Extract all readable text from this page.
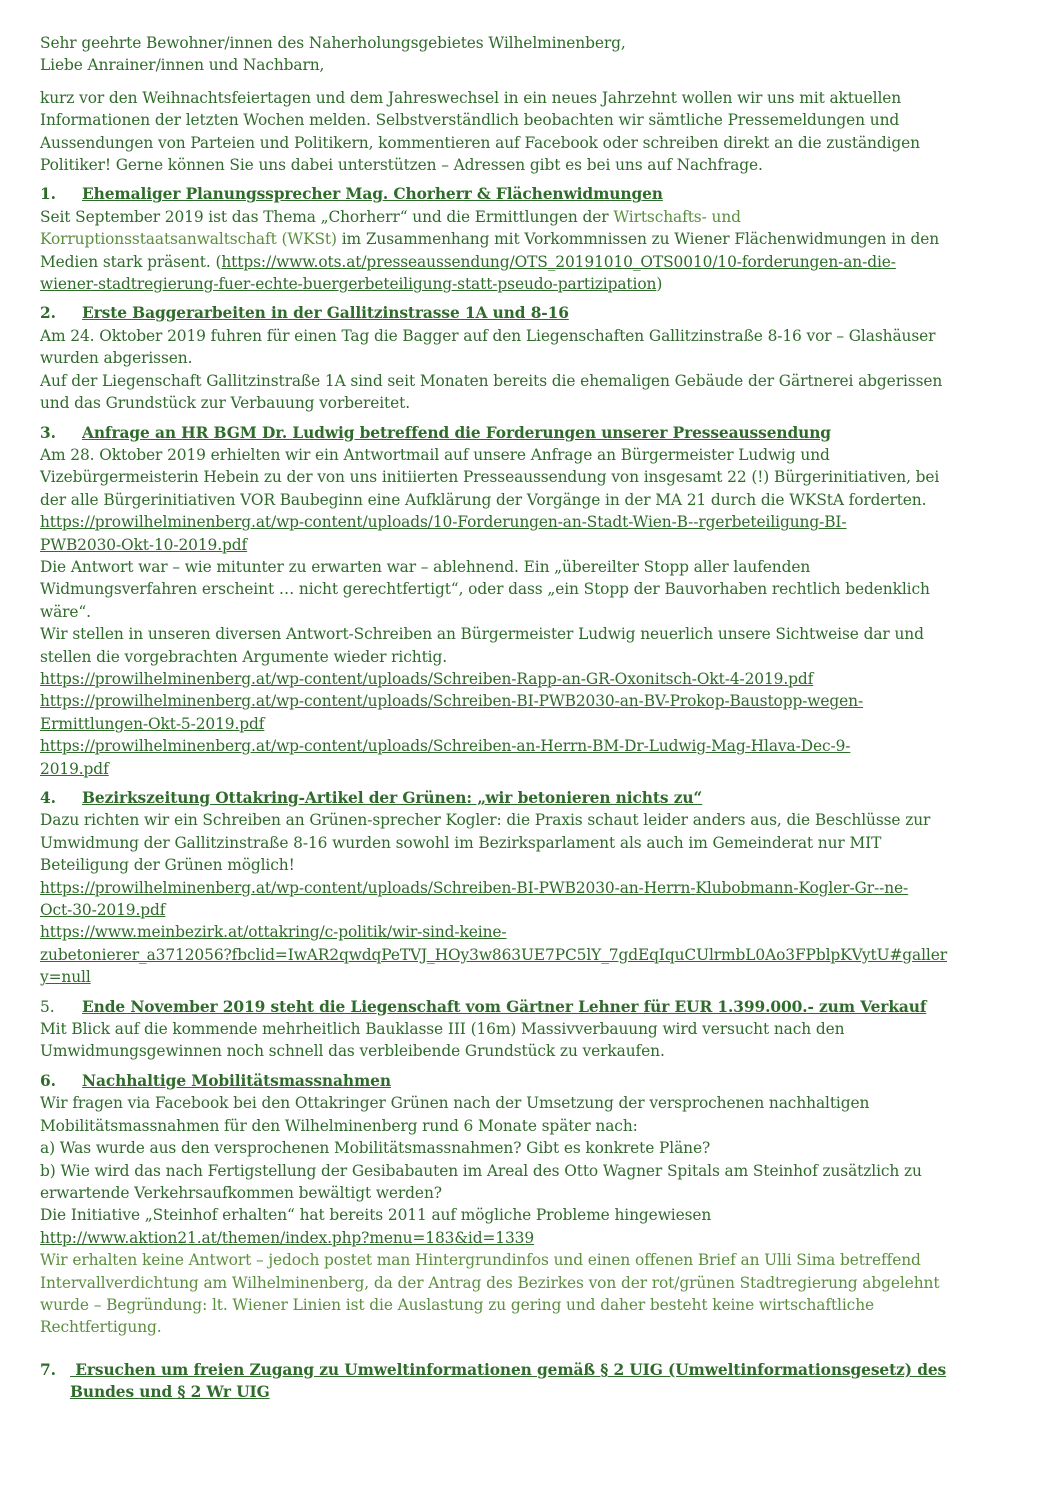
Sehr geehrte Bewohner/innen des Naherholungsgebietes Wilhelminenberg,

Liebe Anrainer/innen und Nachbarn,

kurz vor den Weihnachtsfeiertagen und dem Jahreswechsel in ein neues Jahrzehnt wollen wir uns mit aktuellen

Informationen der letzten Wochen melden. Selbstverständlich beobachten wir sämtliche Pressemeldungen und

Aussendungen von Parteien und Politikern, kommentieren auf Facebook oder schreiben direkt an die zuständigen

Politiker! Gerne können Sie uns dabei unterstützen – Adressen gibt es bei uns auf Nachfrage.

1. Ehemaliger Planungssprecher Mag. Chorherr & Flächenwidmungen

Seit September 2019 ist das Thema „Chorherr“ und die Ermittlungen der Wirtschafts- und

Korruptionsstaatsanwaltschaft (WKSt) im Zusammenhang mit Vorkommnissen zu Wiener Flächenwidmungen in den

Medien stark präsent. (https://www.ots.at/presseaussendung/OTS_20191010_OTS0010/10-forderungen-an-die-

wiener-stadtregierung-fuer-echte-buergerbeteiligung-statt-pseudo-partizipation)

2. Erste Baggerarbeiten in der Gallitzinstrasse 1A und 8-16

Am 24. Oktober 2019 fuhren für einen Tag die Bagger auf den Liegenschaften Gallitzinstraße 8-16 vor – Glashäuser

wurden abgerissen.

Auf der Liegenschaft Gallitzinstraße 1A sind seit Monaten bereits die ehemaligen Gebäude der Gärtnerei abgerissen

und das Grundstück zur Verbauung vorbereitet.

3. Anfrage an HR BGM Dr. Ludwig betreffend die Forderungen unserer Presseaussendung

Am 28. Oktober 2019 erhielten wir ein Antwortmail auf unsere Anfrage an Bürgermeister Ludwig und

Vizebürgermeisterin Hebein zu der von uns initiierten Presseaussendung von insgesamt 22 (!) Bürgerinitiativen, bei

der alle Bürgerinitiativen VOR Baubeginn eine Aufklärung der Vorgänge in der MA 21 durch die WKStA forderten.

https://prowilhelminenberg.at/wp-content/uploads/10-Forderungen-an-Stadt-Wien-B--rgerbeteiligung-BI-

PWB2030-Okt-10-2019.pdf

Die Antwort war – wie mitunter zu erwarten war – ablehnend. Ein „übereilter Stopp aller laufenden

Widmungsverfahren erscheint … nicht gerechtfertigt“, oder dass „ein Stopp der Bauvorhaben rechtlich bedenklich

wäre“.

Wir stellen in unseren diversen Antwort-Schreiben an Bürgermeister Ludwig neuerlich unsere Sichtweise dar und

stellen die vorgebrachten Argumente wieder richtig.

https://prowilhelminenberg.at/wp-content/uploads/Schreiben-Rapp-an-GR-Oxonitsch-Okt-4-2019.pdf

https://prowilhelminenberg.at/wp-content/uploads/Schreiben-BI-PWB2030-an-BV-Prokop-Baustopp-wegen-

Ermittlungen-Okt-5-2019.pdf

https://prowilhelminenberg.at/wp-content/uploads/Schreiben-an-Herrn-BM-Dr-Ludwig-Mag-Hlava-Dec-9-

2019.pdf

4. Bezirkszeitung Ottakring-Artikel der Grünen: „wir betonieren nichts zu“

Dazu richten wir ein Schreiben an Grünen-sprecher Kogler: die Praxis schaut leider anders aus, die Beschlüsse zur

Umwidmung der Gallitzinstraße 8-16 wurden sowohl im Bezirksparlament als auch im Gemeinderat nur MIT

Beteiligung der Grünen möglich!

https://prowilhelminenberg.at/wp-content/uploads/Schreiben-BI-PWB2030-an-Herrn-Klubobmann-Kogler-Gr--ne-

Oct-30-2019.pdf

https://www.meinbezirk.at/ottakring/c-politik/wir-sind-keine-

zubetonierer_a3712056?fbclid=IwAR2qwdqPeTVJ_HOy3w863UE7PC5lY_7gdEqIquCUlrmbL0Ao3FPblpKVytU#galler

y=null

5. Ende November 2019 steht die Liegenschaft vom Gärtner Lehner für EUR 1.399.000.- zum Verkauf

Mit Blick auf die kommende mehrheitlich Bauklasse III (16m) Massivverbauung wird versucht nach den

Umwidmungsgewinnen noch schnell das verbleibende Grundstück zu verkaufen.

6. Nachhaltige Mobilitätsmassnahmen

Wir fragen via Facebook bei den Ottakringer Grünen nach der Umsetzung der versprochenen nachhaltigen

Mobilitätsmassnahmen für den Wilhelminenberg rund 6 Monate später nach:

a) Was wurde aus den versprochenen Mobilitätsmassnahmen? Gibt es konkrete Pläne?

b) Wie wird das nach Fertigstellung der Gesibabauten im Areal des Otto Wagner Spitals am Steinhof zusätzlich zu

erwartende Verkehrsaufkommen bewältigt werden?

Die Initiative „Steinhof erhalten“ hat bereits 2011 auf mögliche Probleme hingewiesen

http://www.aktion21.at/themen/index.php?menu=183&id=1339

Wir erhalten keine Antwort – jedoch postet man Hintergrundinfos und einen offenen Brief an Ulli Sima betreffend

Intervallverdichtung am Wilhelminenberg, da der Antrag des Bezirkes von der rot/grünen Stadtregierung abgelehnt

wurde – Begründung: lt. Wiener Linien ist die Auslastung zu gering und daher besteht keine wirtschaftliche

Rechtfertigung.

7. Ersuchen um freien Zugang zu Umweltinformationen gemäß § 2 UIG (Umweltinformationsgesetz) des
Bundes und § 2 Wr UIG
